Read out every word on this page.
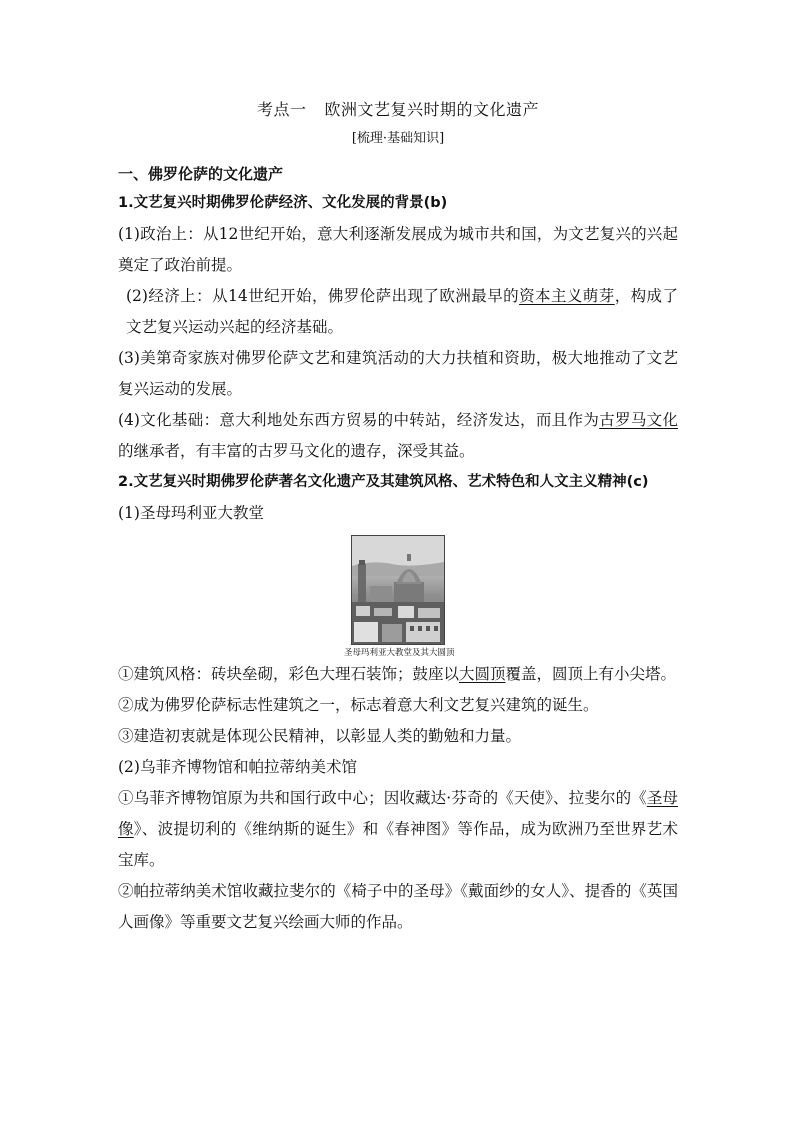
考点一 欧洲文艺复兴时期的文化遗产
[梳理·基础知识]
一、佛罗伦萨的文化遗产
1.文艺复兴时期佛罗伦萨经济、文化发展的背景(b)

(1)政治上：从12世纪开始，意大利逐渐发展成为城市共和国，为文艺复兴的兴起奠定了政治前提。

(2)经济上：从14世纪开始，佛罗伦萨出现了欧洲最早的资本主义萌芽，构成了文艺复兴运动兴起的经济基础。

(3)美第奇家族对佛罗伦萨文艺和建筑活动的大力扶植和资助，极大地推动了文艺复兴运动的发展。

(4)文化基础：意大利地处东西方贸易的中转站，经济发达，而且作为古罗马文化的继承者，有丰富的古罗马文化的遗存，深受其益。

2.文艺复兴时期佛罗伦萨著名文化遗产及其建筑风格、艺术特色和人文主义精神(c)

(1)圣母玛利亚大教堂

圣母玛利亚大教堂及其大圆顶

①建筑风格：砖块垒砌，彩色大理石装饰；鼓座以大圆顶覆盖，圆顶上有小尖塔。

②成为佛罗伦萨标志性建筑之一，标志着意大利文艺复兴建筑的诞生。

③建造初衷就是体现公民精神，以彰显人类的勤勉和力量。

(2)乌菲齐博物馆和帕拉蒂纳美术馆

①乌菲齐博物馆原为共和国行政中心；因收藏达·芬奇的《天使》、拉斐尔的《圣母像》、波提切利的《维纳斯的诞生》和《春神图》等作品，成为欧洲乃至世界艺术宝库。

②帕拉蒂纳美术馆收藏拉斐尔的《椅子中的圣母》《戴面纱的女人》、提香的《英国人画像》等重要文艺复兴绘画大师的作品。
